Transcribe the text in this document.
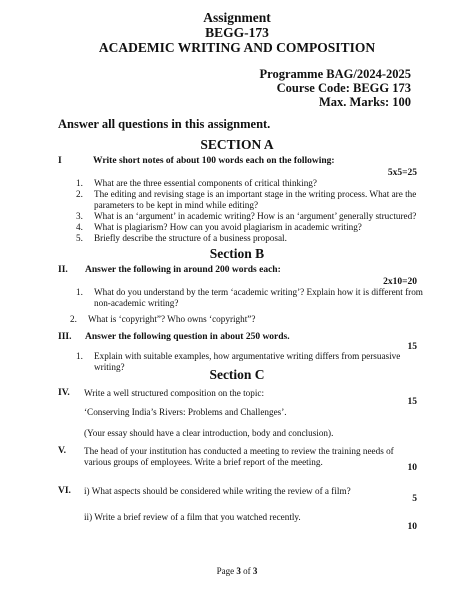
Assignment
BEGG-173
ACADEMIC WRITING AND COMPOSITION
Programme BAG/2024-2025
Course Code: BEGG 173
Max. Marks: 100
Answer all questions in this assignment.
SECTION A
I	Write short notes of about 100 words each on the following:
5x5=25
1. What are the three essential components of critical thinking?
2. The editing and revising stage is an important stage in the writing process. What are the parameters to be kept in mind while editing?
3. What is an ‘argument’ in academic writing? How is an ‘argument’ generally structured?
4. What is plagiarism? How can you avoid plagiarism in academic writing?
5. Briefly describe the structure of a business proposal.
Section B
II. Answer the following in around 200 words each:
2x10=20
1. What do you understand by the term ‘academic writing’? Explain how it is different from non-academic writing?
2. What is ‘copyright”? Who owns ‘copyright”?
III. Answer the following question in about 250 words.
15
1. Explain with suitable examples, how argumentative writing differs from persuasive writing?	Section C
IV. Write a well structured composition on the topic:
15
‘Conserving India’s Rivers: Problems and Challenges’.
(Your essay should have a clear introduction, body and conclusion).
V. The head of your institution has conducted a meeting to review the training needs of various groups of employees. Write a brief report of the meeting.
10
VI. i) What aspects should be considered while writing the review of a film?
5
ii) Write a brief review of a film that you watched recently.
10
Page 3 of 3
